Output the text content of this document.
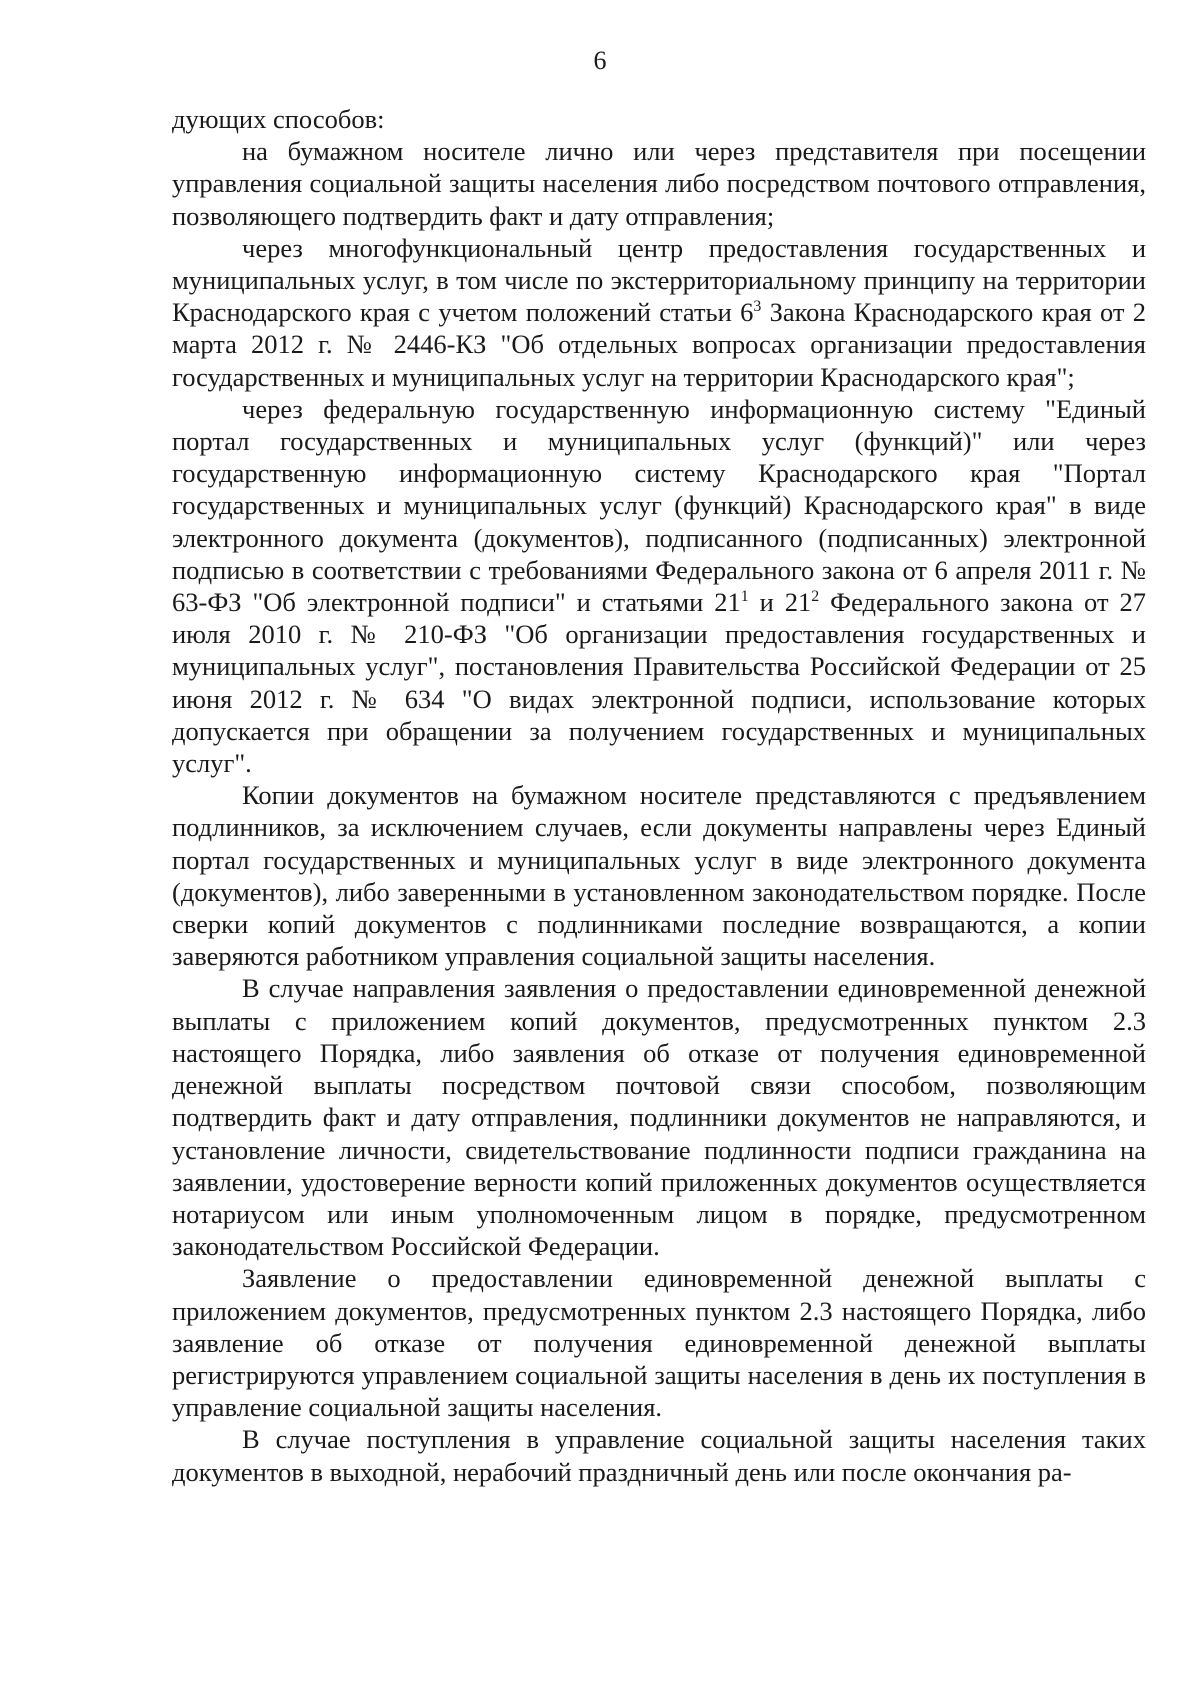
6

дующих способов:

на бумажном носителе лично или через представителя при посещении управления социальной защиты населения либо посредством почтового отправления, позволяющего подтвердить факт и дату отправления;

через многофункциональный центр предоставления государственных и муниципальных услуг, в том числе по экстерриториальному принципу на территории Краснодарского края с учетом положений статьи $6^3$ Закона Краснодарского края от 2 марта 2012 г. № 2446-КЗ "Об отдельных вопросах организации предоставления государственных и муниципальных услуг на территории Краснодарского края";

через федеральную государственную информационную систему "Единый портал государственных и муниципальных услуг (функций)" или через государственную информационную систему Краснодарского края "Портал государственных и муниципальных услуг (функций) Краснодарского края" в виде электронного документа (документов), подписанного (подписанных) электронной подписью в соответствии с требованиями Федерального закона от 6 апреля 2011 г. № 63-ФЗ "Об электронной подписи" и статьями $21^1$ и $21^2$ Федерального закона от 27 июля 2010 г. № 210-ФЗ "Об организации предоставления государственных и муниципальных услуг", постановления Правительства Российской Федерации от 25 июня 2012 г. № 634 "О видах электронной подписи, использование которых допускается при обращении за получением государственных и муниципальных услуг".

Копии документов на бумажном носителе представляются с предъявлением подлинников, за исключением случаев, если документы направлены через Единый портал государственных и муниципальных услуг в виде электронного документа (документов), либо заверенными в установленном законодательством порядке. После сверки копий документов с подлинниками последние возвращаются, а копии заверяются работником управления социальной защиты населения.

В случае направления заявления о предоставлении единовременной денежной выплаты с приложением копий документов, предусмотренных пунктом 2.3 настоящего Порядка, либо заявления об отказе от получения единовременной денежной выплаты посредством почтовой связи способом, позволяющим подтвердить факт и дату отправления, подлинники документов не направляются, и установление личности, свидетельствование подлинности подписи гражданина на заявлении, удостоверение верности копий приложенных документов осуществляется нотариусом или иным уполномоченным лицом в порядке, предусмотренном законодательством Российской Федерации.

Заявление о предоставлении единовременной денежной выплаты с приложением документов, предусмотренных пунктом 2.3 настоящего Порядка, либо заявление об отказе от получения единовременной денежной выплаты регистрируются управлением социальной защиты населения в день их поступления в управление социальной защиты населения.

В случае поступления в управление социальной защиты населения таких документов в выходной, нерабочий праздничный день или после окончания ра-
